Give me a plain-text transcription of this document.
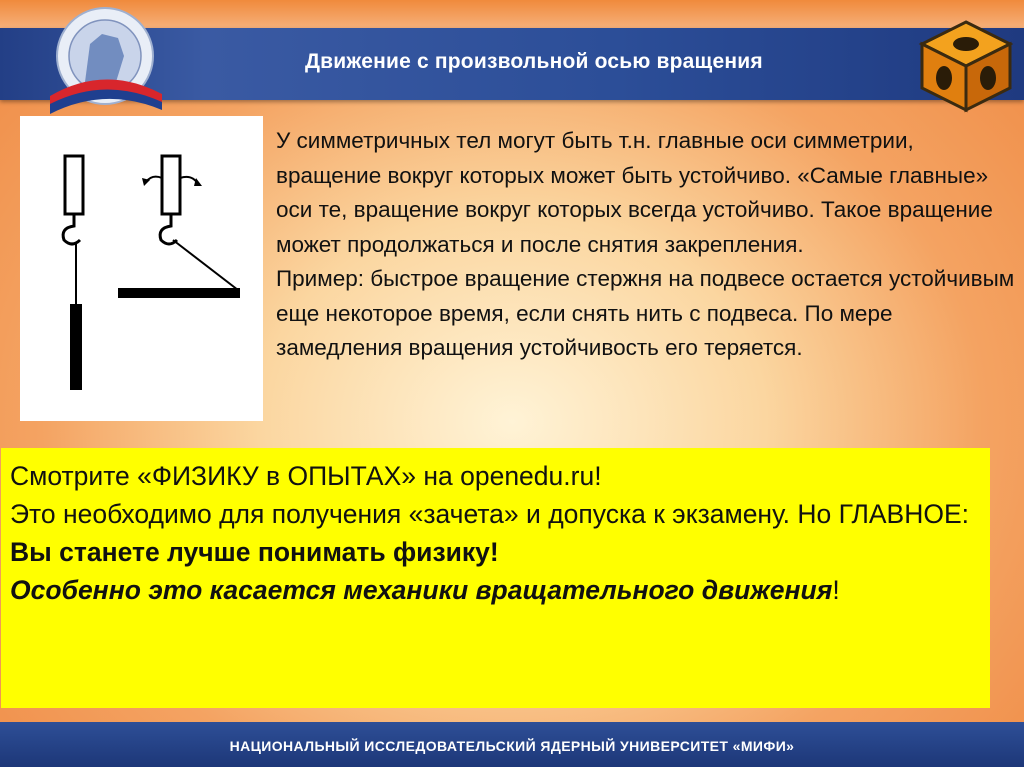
Движение с произвольной осью вращения

У симметричных тел могут быть т.н. главные оси симметрии, вращение вокруг которых может быть устойчиво. «Самые главные» оси те, вращение вокруг которых всегда устойчиво. Такое вращение может продолжаться и после снятия закрепления.

Пример: быстрое вращение стержня на подвесе остается устойчивым еще некоторое время, если снять нить с подвеса. По мере замедления вращения устойчивость его теряется.

Смотрите «ФИЗИКУ в ОПЫТАХ» на openedu.ru!

Это необходимо для получения «зачета» и допуска к экзамену. Но ГЛАВНОЕ: Вы станете лучше понимать физику!

Особенно это касается механики вращательного движения!

НАЦИОНАЛЬНЫЙ ИССЛЕДОВАТЕЛЬСКИЙ ЯДЕРНЫЙ УНИВЕРСИТЕТ «МИФИ»
